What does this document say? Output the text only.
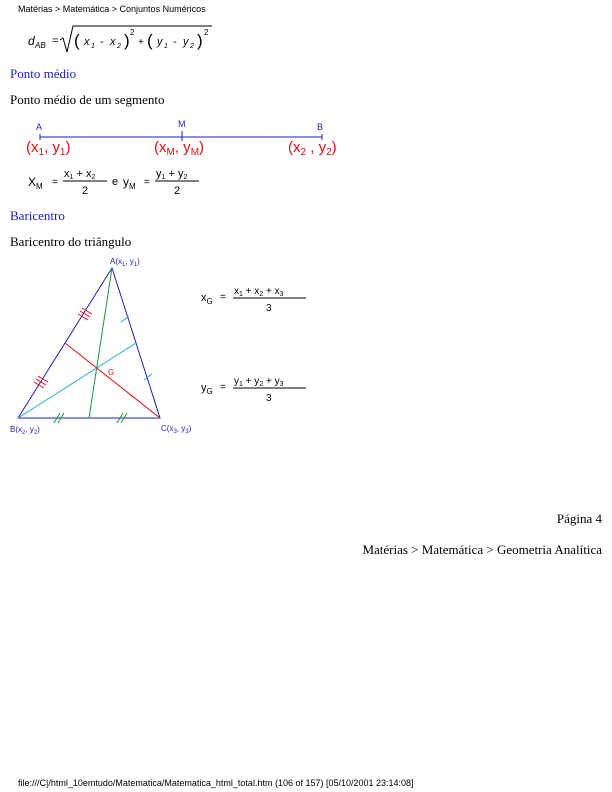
Matérias > Matemática > Conjuntos Numéricos
d AB = ( x 1 - x 2 ) 2
+ ( y 1 - y 2 ) 2
Ponto médio
Ponto médio de um segmento
A	M	B
($x_1$, $y_1$)	($x_M$, $y_M$)	($x_2$ , $y_2$)
$X_M$ =
x1 + x2
2
e $y_M$ =
y1 + y2
2
Baricentro
Baricentro do triângulo
$A(x_1$, $y_1$)
$B(x_2$, $y_2$)	$C(x_3$, $y_3$)
G
$x_G$ =
$x_1 + x_2 + x_3$
3
$y_G$ =
$y_1 + y_2 + y_3$
3
Página 4
Matérias > Matemática > Geometria Analítica
file:///C|/html_10emtudo/Matematica/Matematica_html_total.htm (106 of 157) [05/10/2001 23:14:08]
